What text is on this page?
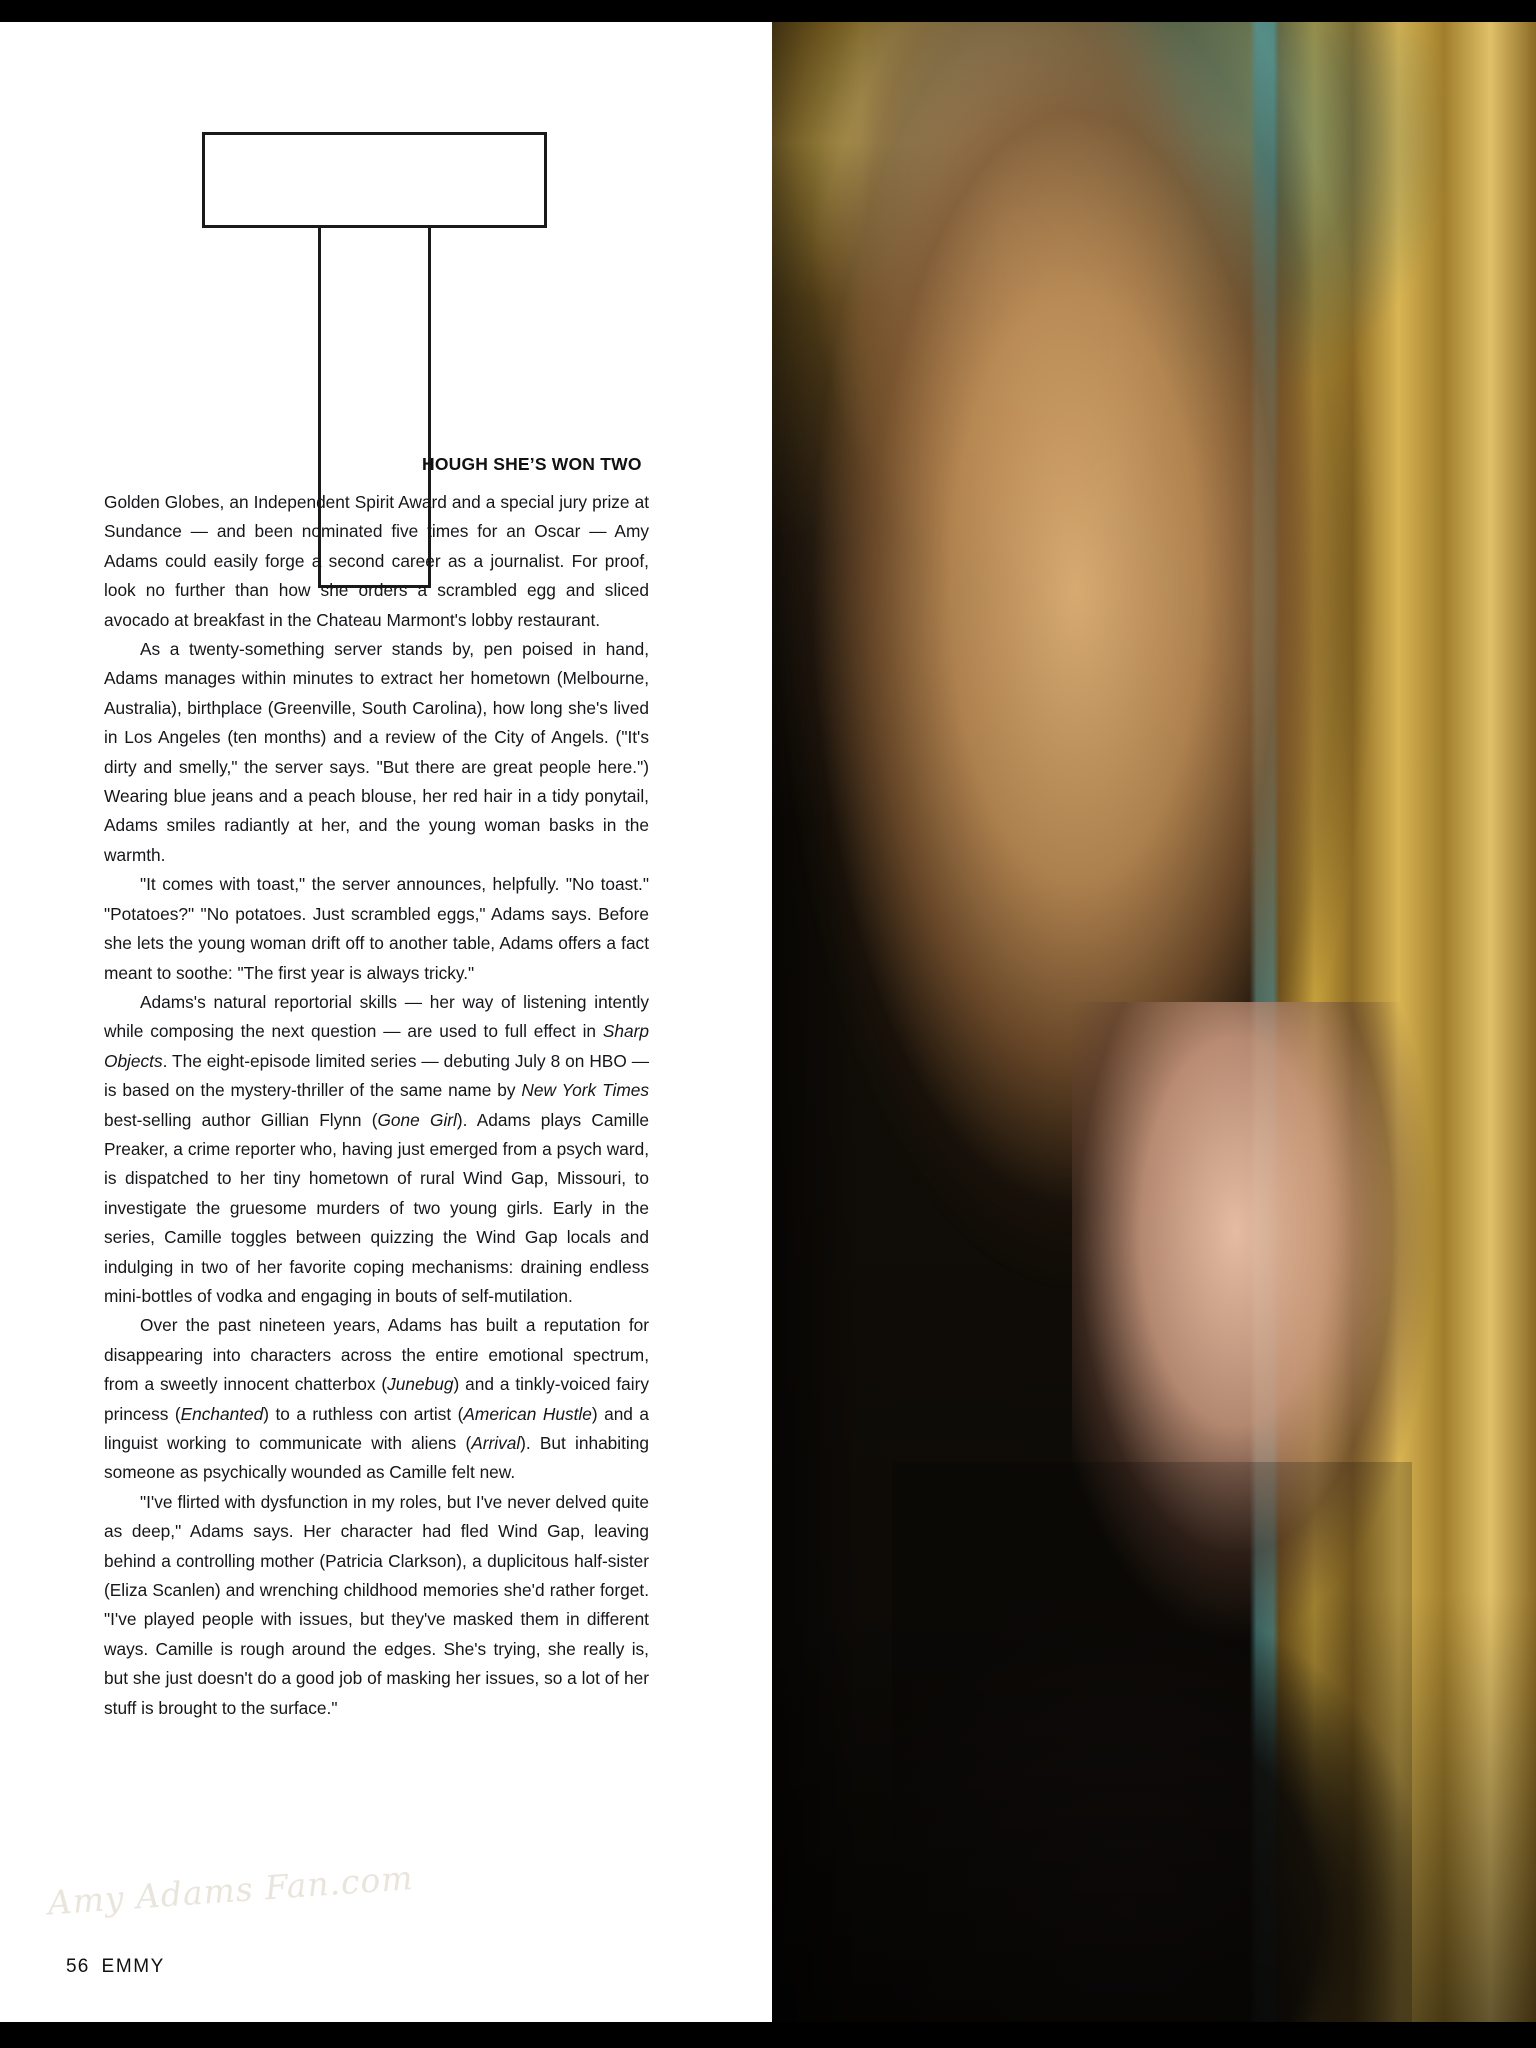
HOUGH SHE’S WON TWO

Golden Globes, an Independent Spirit Award and a special jury prize at Sundance — and been nominated five times for an Oscar — Amy Adams could easily forge a second career as a journalist. For proof, look no further than how she orders a scrambled egg and sliced avocado at breakfast in the Chateau Marmont's lobby restaurant.

As a twenty-something server stands by, pen poised in hand, Adams manages within minutes to extract her hometown (Melbourne, Australia), birthplace (Greenville, South Carolina), how long she's lived in Los Angeles (ten months) and a review of the City of Angels. ("It's dirty and smelly," the server says. "But there are great people here.") Wearing blue jeans and a peach blouse, her red hair in a tidy ponytail, Adams smiles radiantly at her, and the young woman basks in the warmth.

"It comes with toast," the server announces, helpfully. "No toast." "Potatoes?" "No potatoes. Just scrambled eggs," Adams says. Before she lets the young woman drift off to another table, Adams offers a fact meant to soothe: "The first year is always tricky."

Adams's natural reportorial skills — her way of listening intently while composing the next question — are used to full effect in Sharp Objects. The eight-episode limited series — debuting July 8 on HBO — is based on the mystery-thriller of the same name by New York Times best-selling author Gillian Flynn (Gone Girl). Adams plays Camille Preaker, a crime reporter who, having just emerged from a psych ward, is dispatched to her tiny hometown of rural Wind Gap, Missouri, to investigate the gruesome murders of two young girls. Early in the series, Camille toggles between quizzing the Wind Gap locals and indulging in two of her favorite coping mechanisms: draining endless mini-bottles of vodka and engaging in bouts of self-mutilation.

Over the past nineteen years, Adams has built a reputation for disappearing into characters across the entire emotional spectrum, from a sweetly innocent chatterbox (Junebug) and a tinkly-voiced fairy princess (Enchanted) to a ruthless con artist (American Hustle) and a linguist working to communicate with aliens (Arrival). But inhabiting someone as psychically wounded as Camille felt new.

"I've flirted with dysfunction in my roles, but I've never delved quite as deep," Adams says. Her character had fled Wind Gap, leaving behind a controlling mother (Patricia Clarkson), a duplicitous half-sister (Eliza Scanlen) and wrenching childhood memories she'd rather forget. "I've played people with issues, but they've masked them in different ways. Camille is rough around the edges. She's trying, she really is, but she just doesn't do a good job of masking her issues, so a lot of her stuff is brought to the surface."

Amy Adams Fan.com
56 EMMY
